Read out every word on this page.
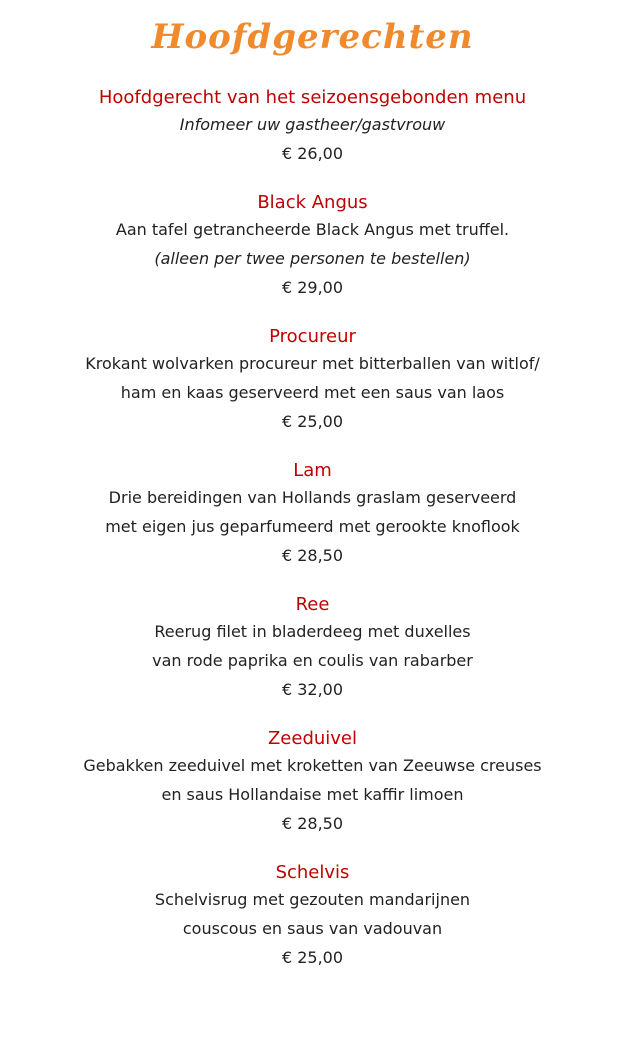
Hoofdgerechten
Hoofdgerecht van het seizoensgebonden menu
Infomeer uw gastheer/gastvrouw
€ 26,00
Black Angus
Aan tafel getrancheerde Black Angus met truffel.
(alleen per twee personen te bestellen)
€ 29,00
Procureur
Krokant wolvarken procureur met bitterballen van witlof/
ham en kaas geserveerd met een saus van laos
€ 25,00
Lam
Drie bereidingen van Hollands graslam geserveerd
met eigen jus geparfumeerd met gerookte knoflook
€ 28,50
Ree
Reerug filet in bladerdeeg met duxelles
van rode paprika en coulis van rabarber
€ 32,00
Zeeduivel
Gebakken zeeduivel met kroketten van Zeeuwse creuses
en saus Hollandaise met kaffir limoen
€ 28,50
Schelvis
Schelvisrug met gezouten mandarijnen
couscous en saus van vadouvan
€ 25,00
